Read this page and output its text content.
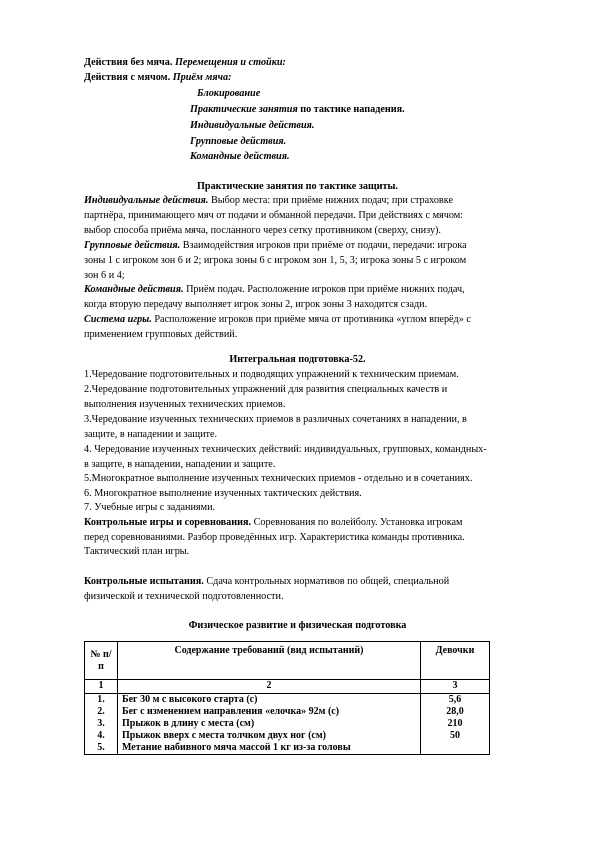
Действия без мяча. Перемещения и стойки:
Действия с мячом. Приём мяча:
Блокирование
Практические занятия по тактике нападения.
Индивидуальные действия.
Групповые действия.
Командные действия.
Практические занятия по тактике защиты.
Индивидуальные действия. Выбор места: при приёме нижних подач; при страховке
партнёра, принимающего мяч от подачи и обманной передачи. При действиях с мячом:
выбор способа приёма мяча, посланного через сетку противником (сверху, снизу).
Групповые действия. Взаимодействия игроков при приёме от подачи, передачи: игрока
зоны 1 с игроком зон 6 и 2; игрока зоны 6 с игроком зон 1, 5, 3; игрока зоны 5 с игроком
зон 6 и 4;
Командные действия. Приём подач. Расположение игроков при приёме нижних подач,
когда вторую передачу выполняет игрок зоны 2, игрок зоны 3 находится сзади.
Система игры. Расположение игроков при приёме мяча от противника «углом вперёд» с
применением групповых действий.
Интегральная подготовка-52.
1.Чередование подготовительных и подводящих упражнений к техническим приемам.
2.Чередование подготовительных упражнений для развития специальных качеств и
выполнения изученных технических приемов.
3.Чередование изученных технических приемов в различных сочетаниях в нападении, в
защите, в нападении и защите.
4. Чередование изученных технических действий: индивидуальных, групповых, командных-
в защите, в нападении, нападении и защите.
5.Многократное выполнение изученных технических приемов - отдельно и в сочетаниях.
6. Многократное выполнение изученных тактических действия.
7. Учебные игры с заданиями.
Контрольные игры и соревнования. Соревнования по волейболу. Установка игрокам
перед соревнованиями. Разбор проведённых игр. Характеристика команды противника.
Тактический план игры.
Контрольные испытания. Сдача контрольных нормативов по общей, специальной
физической и технической подготовленности.
Физическое развитие и физическая подготовка
№ п/п	Содержание требований (вид испытаний)	Девочки
1	2	3
1.	Бег 30 м с высокого старта (с)	5,6
2.	Бег с изменением направления «елочка» 92м (с)	28,0
3.	Прыжок в длину с места (см)	210
4.	Прыжок вверх с места толчком двух ног (см)	50
5.	Метание набивного мяча массой 1 кг из-за головы	
